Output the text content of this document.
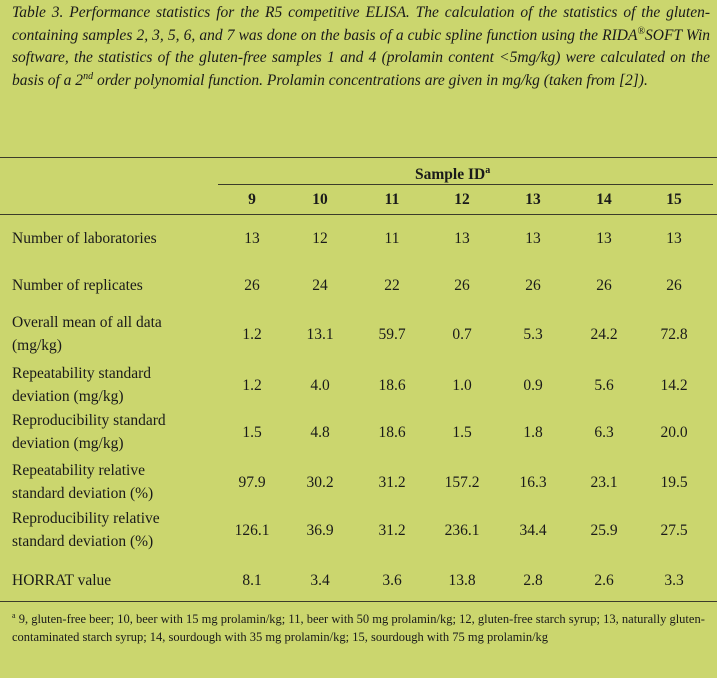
Table 3. Performance statistics for the R5 competitive ELISA. The calculation of the statistics of the gluten-containing samples 2, 3, 5, 6, and 7 was done on the basis of a cubic spline function using the RIDA®SOFT Win software, the statistics of the gluten-free samples 1 and 4 (prolamin content <5mg/kg) were calculated on the basis of a 2nd order polynomial function. Prolamin concentrations are given in mg/kg (taken from [2]).
Sample $ID^a$
9	10	11	12	13	14	15
Number of laboratories	13	12	11	13	13	13	13
Number of replicates	26	24	22	26	26	26	26
Overall mean of all data
(mg/kg)
1.2	13.1	59.7	0.7	5.3	24.2	72.8
Repeatability standard
deviation (mg/kg)
1.2	4.0	18.6	1.0	0.9	5.6	14.2
Reproducibility standard
deviation (mg/kg)
1.5	4.8	18.6	1.5	1.8	6.3	20.0
Repeatability relative
standard deviation (%)
97.9	30.2	31.2	157.2	16.3	23.1	19.5
Reproducibility relative
standard deviation (%)
126.1	36.9	31.2	236.1	34.4	25.9	27.5
HORRAT value	8.1	3.4	3.6	13.8	2.8	2.6	3.3
$^a$ 9, gluten-free beer; 10, beer with 15 mg prolamin/kg; 11, beer with 50 mg prolamin/kg; 12, gluten-free starch syrup; 13, naturally gluten-contaminated starch syrup; 14, sourdough with 35 mg prolamin/kg; 15, sourdough with 75 mg prolamin/kg
